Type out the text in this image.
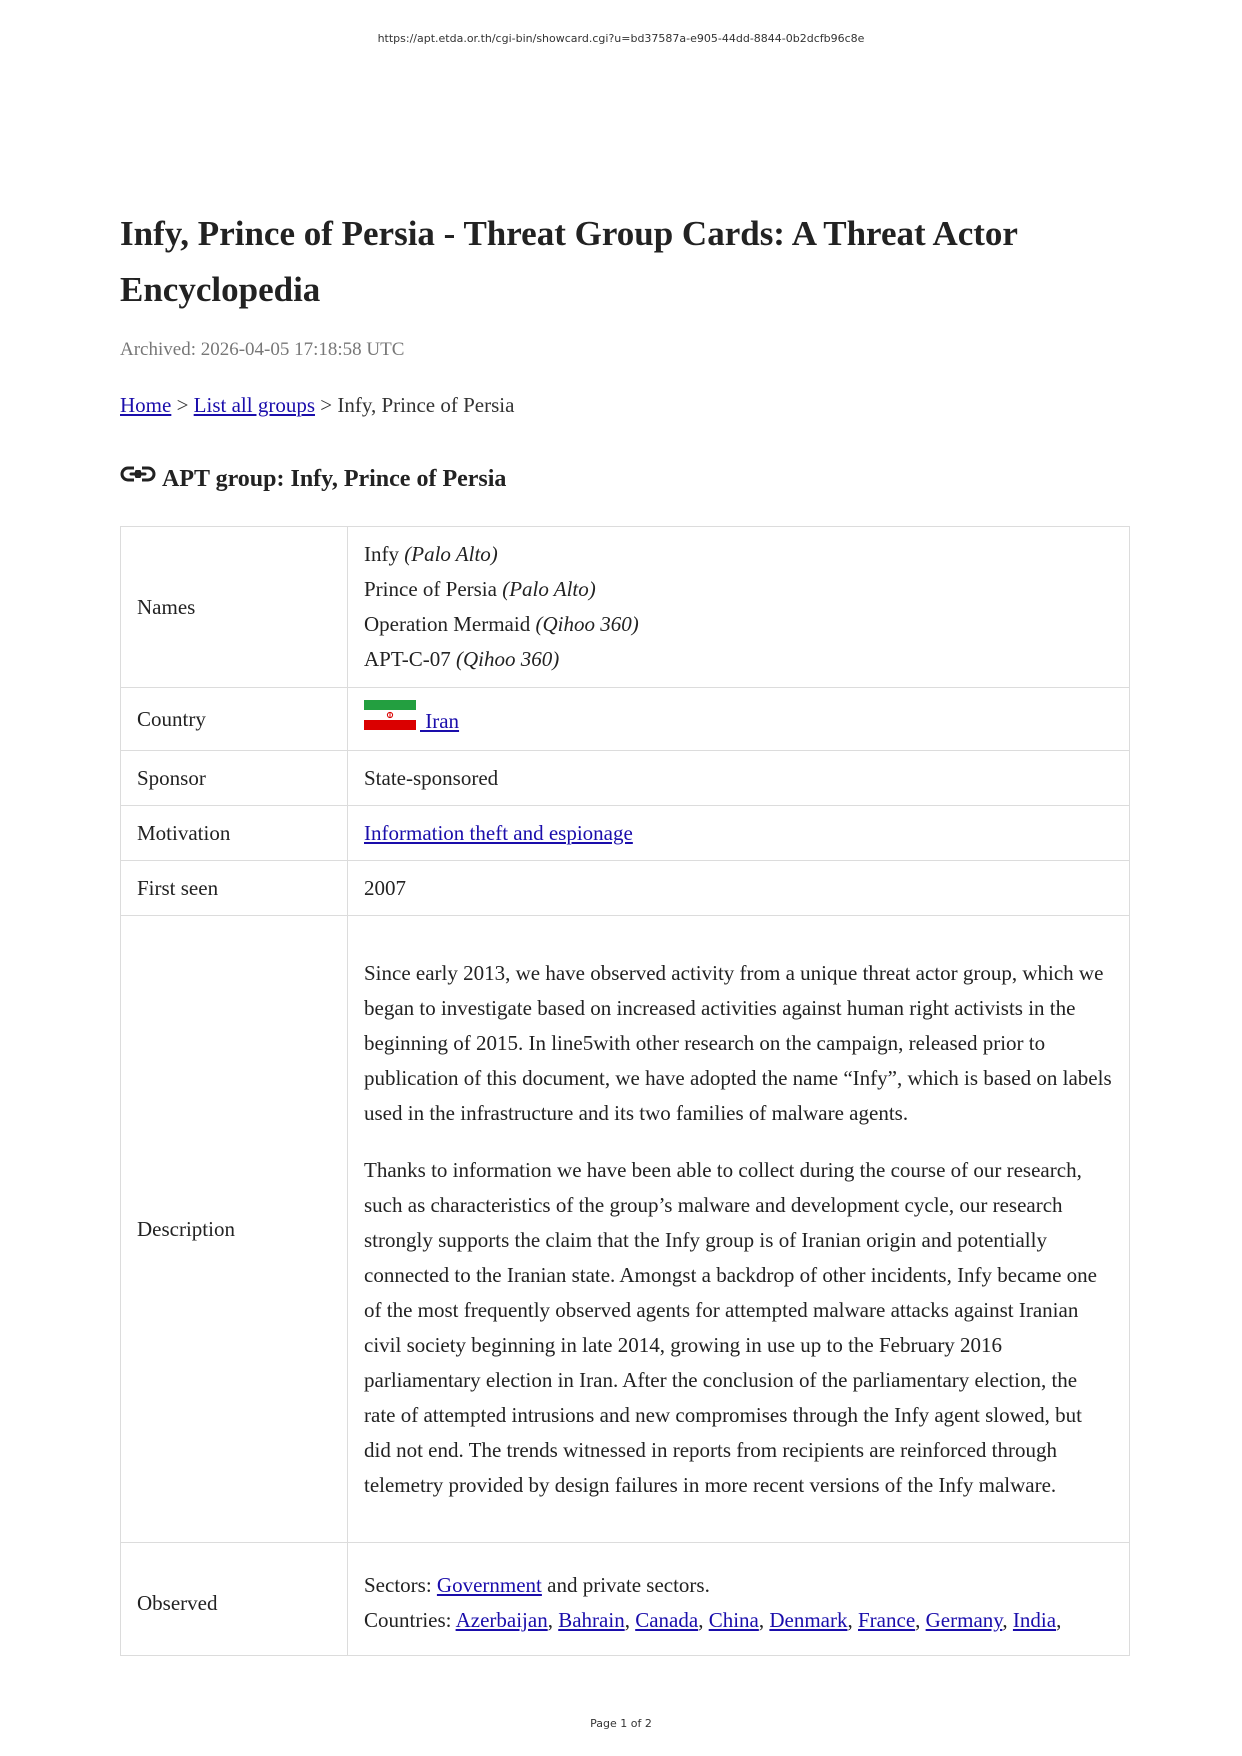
https://apt.etda.or.th/cgi-bin/showcard.cgi?u=bd37587a-e905-44dd-8844-0b2dcfb96c8e
Infy, Prince of Persia - Threat Group Cards: A Threat Actor Encyclopedia
Archived: 2026-04-05 17:18:58 UTC
Home > List all groups > Infy, Prince of Persia
APT group: Infy, Prince of Persia
Names	Infy (Palo Alto)
Prince of Persia (Palo Alto)
Operation Mermaid (Qihoo 360)
APT-C-07 (Qihoo 360)

Country	Iran
Sponsor	State-sponsored
Motivation	Information theft and espionage
First seen	2007
Description	Since early 2013, we have observed activity from a unique threat actor group, which we began to investigate based on increased activities against human right activists in the beginning of 2015. In line5with other research on the campaign, released prior to publication of this document, we have adopted the name “Infy”, which is based on labels used in the infrastructure and its two families of malware agents.

Thanks to information we have been able to collect during the course of our research, such as characteristics of the group’s malware and development cycle, our research strongly supports the claim that the Infy group is of Iranian origin and potentially connected to the Iranian state. Amongst a backdrop of other incidents, Infy became one of the most frequently observed agents for attempted malware attacks against Iranian civil society beginning in late 2014, growing in use up to the February 2016 parliamentary election in Iran. After the conclusion of the parliamentary election, the rate of attempted intrusions and new compromises through the Infy agent slowed, but did not end. The trends witnessed in reports from recipients are reinforced through telemetry provided by design failures in more recent versions of the Infy malware.

Observed	Sectors: Government and private sectors.
Countries: Azerbaijan, Bahrain, Canada, China, Denmark, France, Germany, India,
Page 1 of 2
